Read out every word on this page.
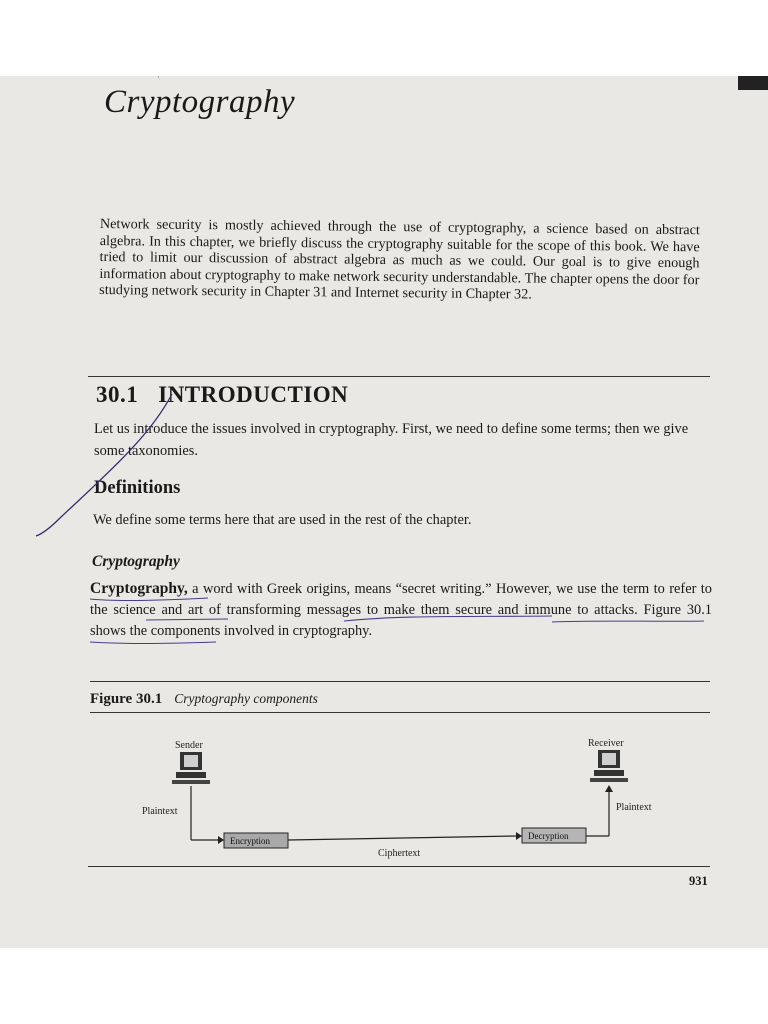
Cryptography

Network security is mostly achieved through the use of cryptography, a science based on abstract algebra. In this chapter, we briefly discuss the cryptography suitable for the scope of this book. We have tried to limit our discussion of abstract algebra as much as we could. Our goal is to give enough information about cryptography to make network security understandable. The chapter opens the door for studying network security in Chapter 31 and Internet security in Chapter 32.

30.1 INTRODUCTION

Let us introduce the issues involved in cryptography. First, we need to define some terms; then we give some taxonomies.

Definitions

We define some terms here that are used in the rest of the chapter.

Cryptography

Cryptography, a word with Greek origins, means “secret writing.” However, we use the term to refer to the science and art of transforming messages to make them secure and immune to attacks. Figure 30.1 shows the components involved in cryptography.

Figure 30.1 Cryptography components

Sender	Receiver
Plaintext
Encryption
Ciphertext
Decryption
Plaintext

931
